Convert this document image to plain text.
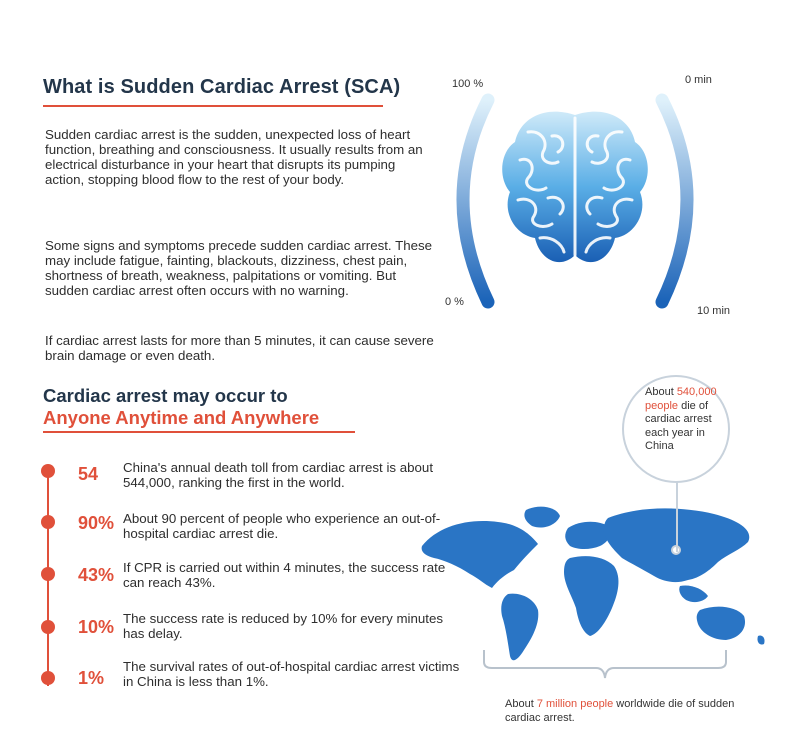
What is Sudden Cardiac Arrest (SCA)
Sudden cardiac arrest is the sudden, unexpected loss of heart function, breathing and consciousness. It usually results from an electrical disturbance in your heart that disrupts its pumping action, stopping blood flow to the rest of your body.
Some signs and symptoms precede sudden cardiac arrest. These may include fatigue, fainting, blackouts, dizziness, chest pain, shortness of breath, weakness, palpitations or vomiting. But sudden cardiac arrest often occurs with no warning.
If cardiac arrest lasts for more than 5 minutes, it can cause severe brain damage or even death.
100 %
0 %
0 min
10 min
Cardiac arrest may occur to
Anyone Anytime and Anywhere
54 China's annual death toll from cardiac arrest is about 544,000, ranking the first in the world.
90% About 90 percent of people who experience an out-of-hospital cardiac arrest die.
43% If CPR is carried out within 4 minutes, the success rate can reach 43%.
10% The success rate is reduced by 10% for every minutes has delay.
1%
The survival rates of out-of-hospital cardiac arrest victims in China is less than 1%.
About 540,000
people die of cardiac arrest each year in China
About 7 million people worldwide die of sudden cardiac arrest.
